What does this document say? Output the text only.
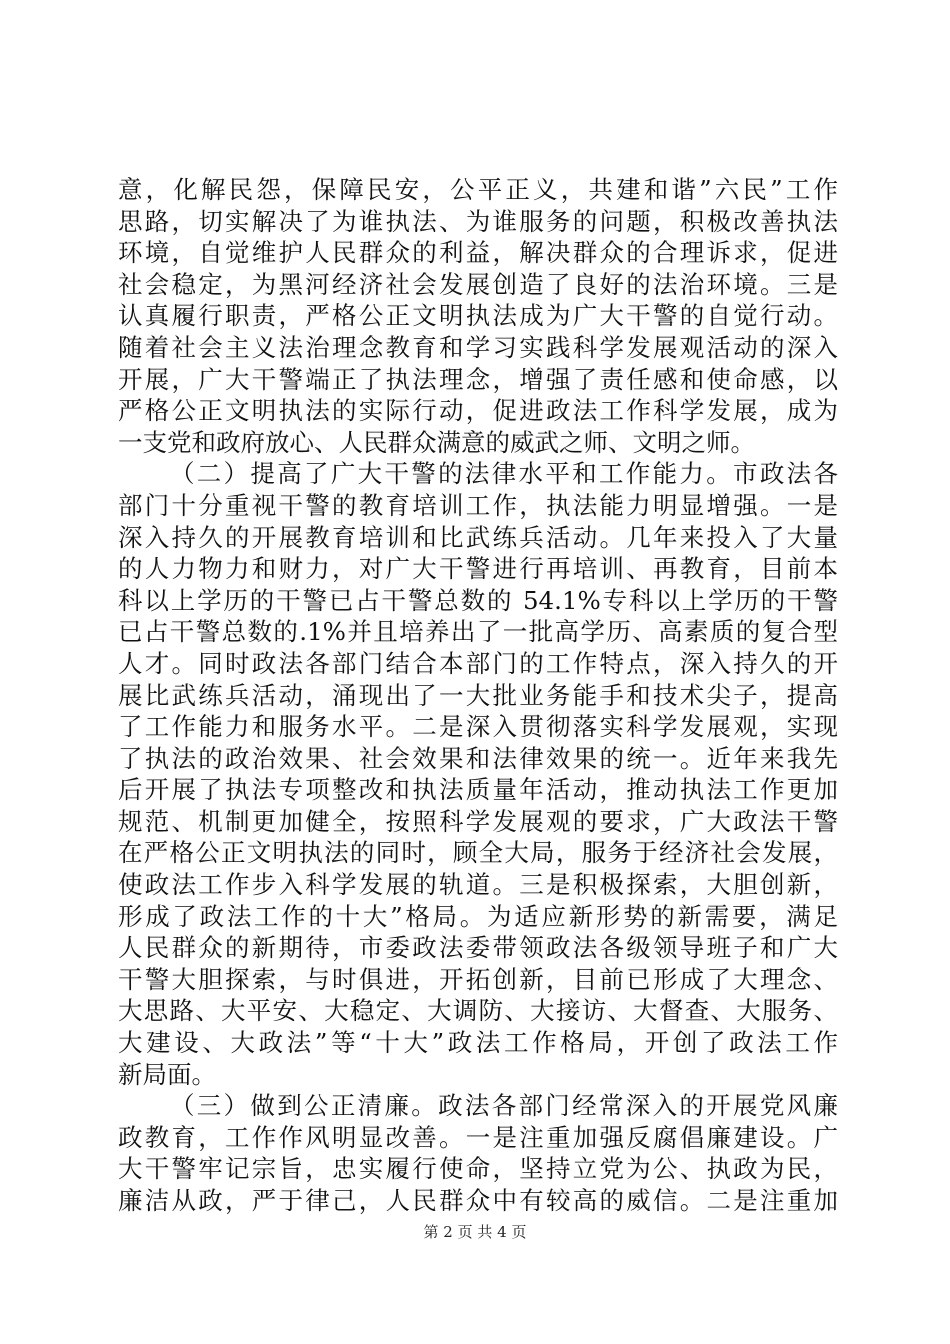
意，化解民怨，保障民安，公平正义，共建和谐”六民”工作
思路，切实解决了为谁执法、为谁服务的问题，积极改善执法
环境，自觉维护人民群众的利益，解决群众的合理诉求，促进
社会稳定，为黑河经济社会发展创造了良好的法治环境。三是
认真履行职责，严格公正文明执法成为广大干警的自觉行动。
随着社会主义法治理念教育和学习实践科学发展观活动的深入
开展，广大干警端正了执法理念，增强了责任感和使命感，以
严格公正文明执法的实际行动，促进政法工作科学发展，成为
一支党和政府放心、人民群众满意的威武之师、文明之师。
（二）提高了广大干警的法律水平和工作能力。市政法各
部门十分重视干警的教育培训工作，执法能力明显增强。一是
深入持久的开展教育培训和比武练兵活动。几年来投入了大量
的人力物力和财力，对广大干警进行再培训、再教育，目前本
科以上学历的干警已占干警总数的 54.1%专科以上学历的干警
已占干警总数的.1%并且培养出了一批高学历、高素质的复合型
人才。同时政法各部门结合本部门的工作特点，深入持久的开
展比武练兵活动，涌现出了一大批业务能手和技术尖子，提高
了工作能力和服务水平。二是深入贯彻落实科学发展观，实现
了执法的政治效果、社会效果和法律效果的统一。近年来我先
后开展了执法专项整改和执法质量年活动，推动执法工作更加
规范、机制更加健全，按照科学发展观的要求，广大政法干警
在严格公正文明执法的同时，顾全大局，服务于经济社会发展，
使政法工作步入科学发展的轨道。三是积极探索，大胆创新，
形成了政法工作的十大”格局。为适应新形势的新需要，满足
人民群众的新期待，市委政法委带领政法各级领导班子和广大
干警大胆探索，与时俱进，开拓创新，目前已形成了大理念、
大思路、大平安、大稳定、大调防、大接访、大督查、大服务、
大建设、大政法”等“十大”政法工作格局，开创了政法工作
新局面。
（三）做到公正清廉。政法各部门经常深入的开展党风廉
政教育，工作作风明显改善。一是注重加强反腐倡廉建设。广
大干警牢记宗旨，忠实履行使命，坚持立党为公、执政为民，
廉洁从政，严于律己，人民群众中有较高的威信。二是注重加
第 2 页 共 4 页
